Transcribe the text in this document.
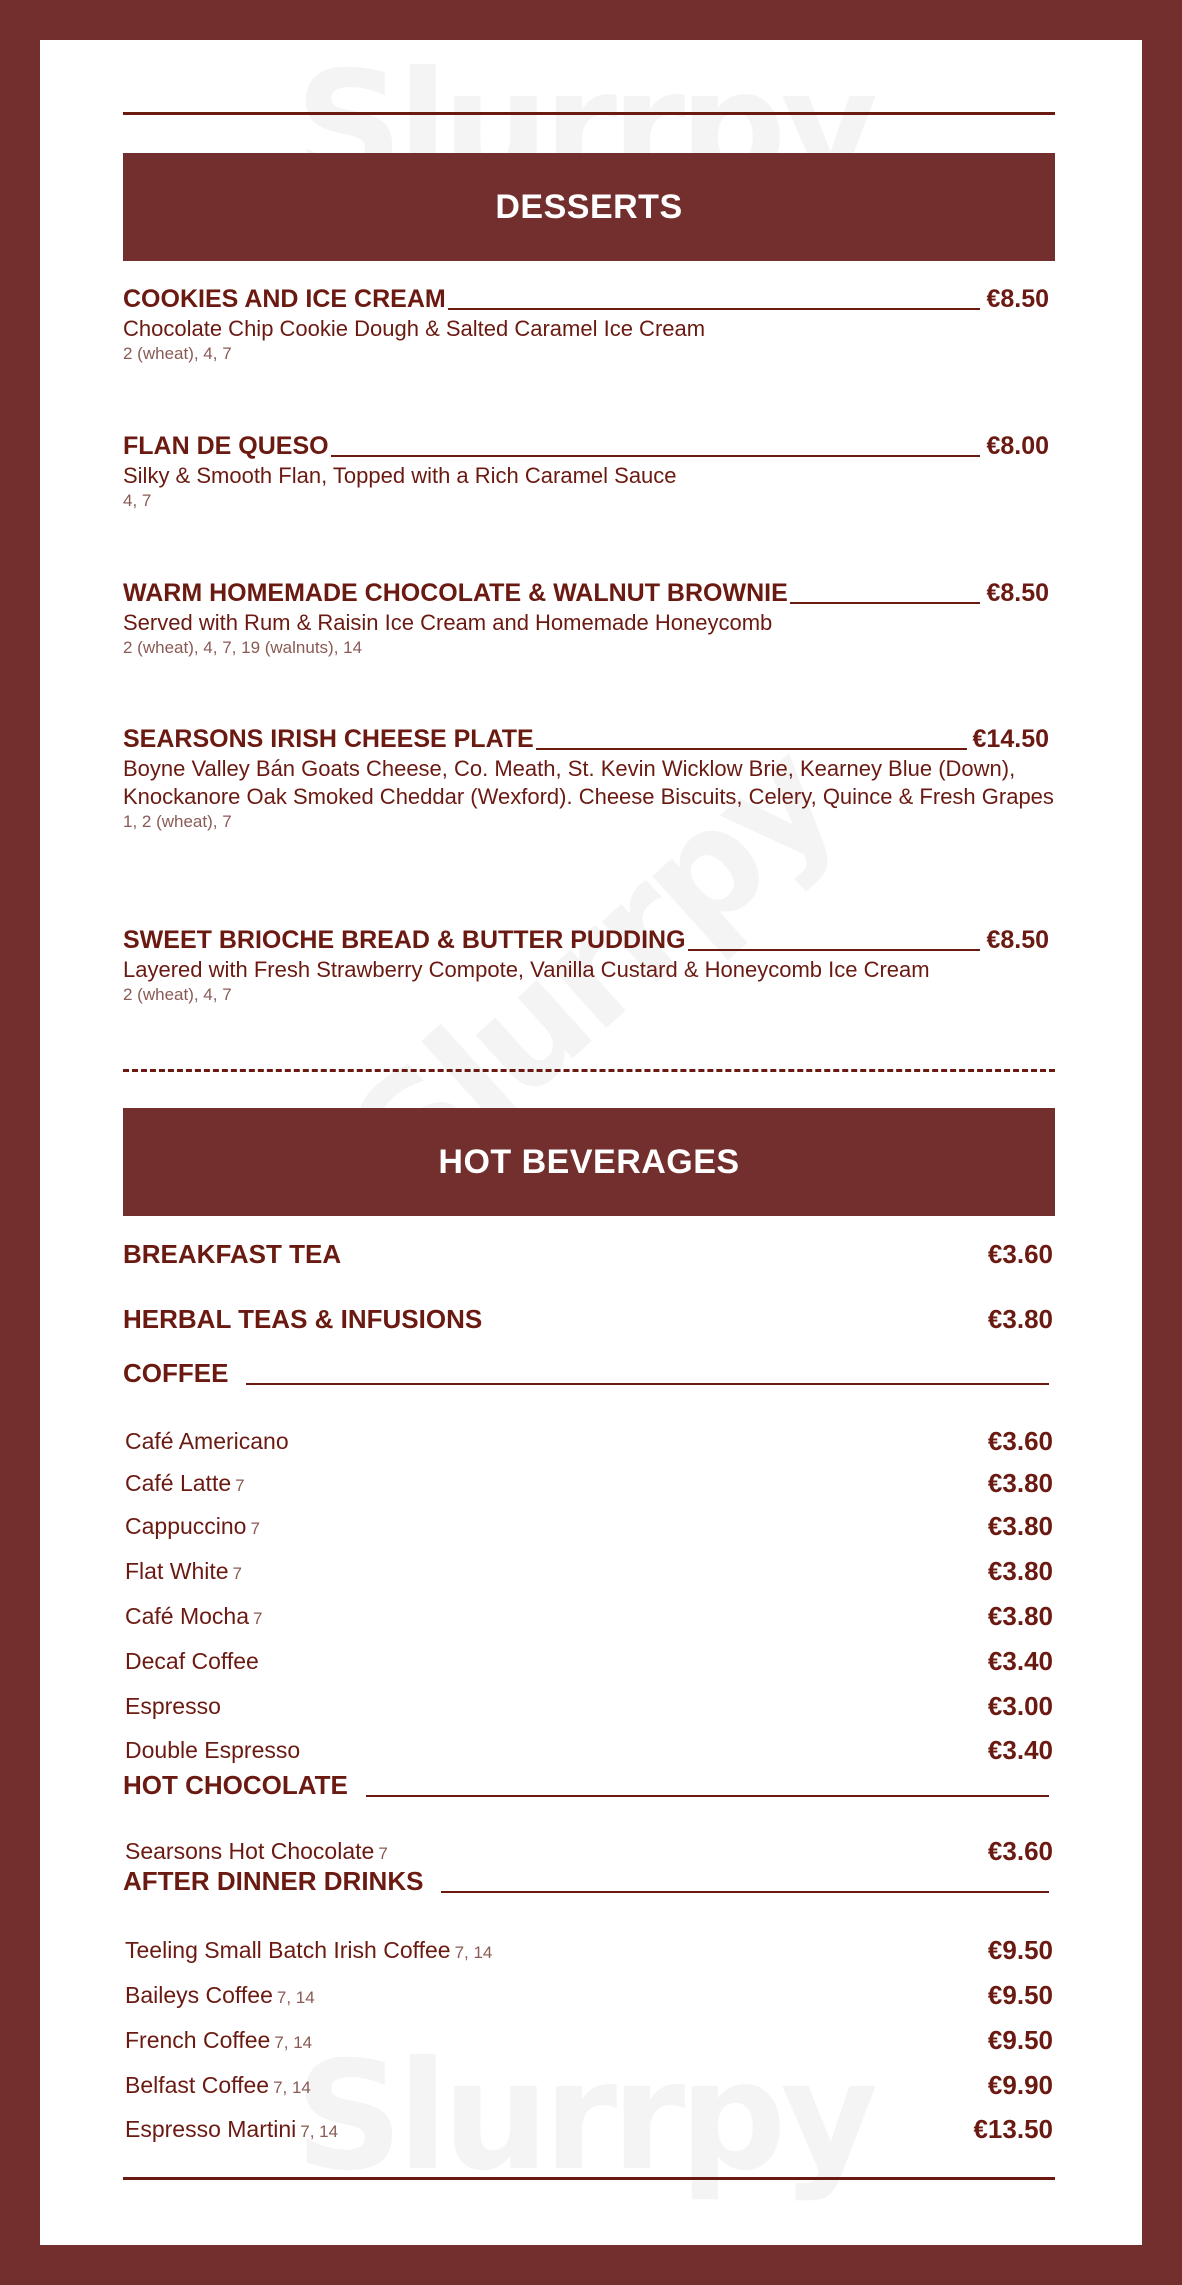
DESSERTS
COOKIES AND ICE CREAM	€8.50
Chocolate Chip Cookie Dough & Salted Caramel Ice Cream
2 (wheat), 4, 7
FLAN DE QUESO	€8.00
Silky & Smooth Flan, Topped with a Rich Caramel Sauce
4, 7
WARM HOMEMADE CHOCOLATE & WALNUT BROWNIE	€8.50
Served with Rum & Raisin Ice Cream and Homemade Honeycomb
2 (wheat), 4, 7, 19 (walnuts), 14
SEARSONS IRISH CHEESE PLATE	€14.50
Boyne Valley Bán Goats Cheese, Co. Meath, St. Kevin Wicklow Brie, Kearney Blue (Down), Knockanore Oak Smoked Cheddar (Wexford). Cheese Biscuits, Celery, Quince & Fresh Grapes
1, 2 (wheat), 7
SWEET BRIOCHE BREAD & BUTTER PUDDING	€8.50
Layered with Fresh Strawberry Compote, Vanilla Custard & Honeycomb Ice Cream
2 (wheat), 4, 7
HOT BEVERAGES
BREAKFAST TEA	€3.60
HERBAL TEAS & INFUSIONS	€3.80
COFFEE
Café Americano	€3.60
Café Latte 7	€3.80
Cappuccino 7	€3.80
Flat White 7	€3.80
Café Mocha 7	€3.80
Decaf Coffee	€3.40
Espresso	€3.00
Double Espresso	€3.40
HOT CHOCOLATE
Searsons Hot Chocolate 7	€3.60
AFTER DINNER DRINKS
Teeling Small Batch Irish Coffee 7, 14	€9.50
Baileys Coffee 7, 14	€9.50
French Coffee 7, 14	€9.50
Belfast Coffee 7, 14	€9.90
Espresso Martini 7, 14	€13.50
